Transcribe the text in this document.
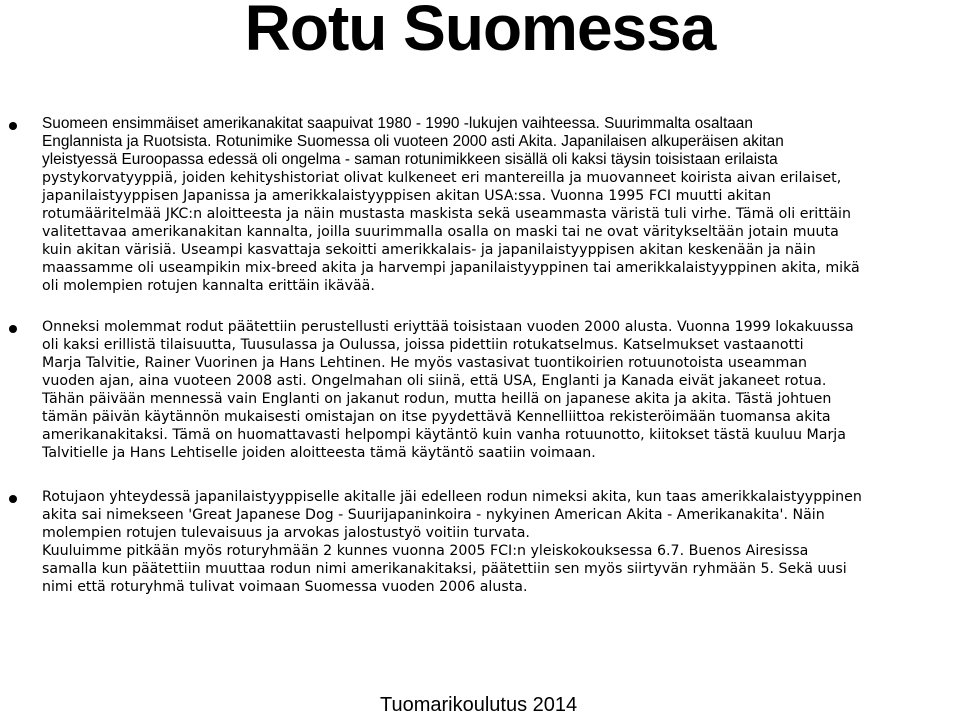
Rotu Suomessa
Suomeen ensimmäiset amerikanakitat saapuivat 1980 - 1990 -lukujen vaihteessa. Suurimmalta osaltaan
Englannista ja Ruotsista. Rotunimike Suomessa oli vuoteen 2000 asti Akita. Japanilaisen alkuperäisen akitan
yleistyessä Euroopassa edessä oli ongelma - saman rotunimikkeen sisällä oli kaksi täysin toisistaan erilaista
pystykorvatyyppiä, joiden kehityshistoriat olivat kulkeneet eri mantereilla ja muovanneet koirista aivan erilaiset,
japanilaistyyppisen Japanissa ja amerikkalaistyyppisen akitan USA:ssa. Vuonna 1995 FCI muutti akitan
rotumääritelmää JKC:n aloitteesta ja näin mustasta maskista sekä useammasta väristä tuli virhe. Tämä oli erittäin
valitettavaa amerikanakitan kannalta, joilla suurimmalla osalla on maski tai ne ovat väritykseltään jotain muuta
kuin akitan värisiä. Useampi kasvattaja sekoitti amerikkalais- ja japanilaistyyppisen akitan keskenään ja näin
maassamme oli useampikin mix-breed akita ja harvempi japanilaistyyppinen tai amerikkalaistyyppinen akita, mikä
oli molempien rotujen kannalta erittäin ikävää.
Onneksi molemmat rodut päätettiin perustellusti eriyttää toisistaan vuoden 2000 alusta. Vuonna 1999 lokakuussa
oli kaksi erillistä tilaisuutta, Tuusulassa ja Oulussa, joissa pidettiin rotukatselmus. Katselmukset vastaanotti
Marja Talvitie, Rainer Vuorinen ja Hans Lehtinen. He myös vastasivat tuontikoirien rotuunotoista useamman
vuoden ajan, aina vuoteen 2008 asti. Ongelmahan oli siinä, että USA, Englanti ja Kanada eivät jakaneet rotua.
Tähän päivään mennessä vain Englanti on jakanut rodun, mutta heillä on japanese akita ja akita. Tästä johtuen
tämän päivän käytännön mukaisesti omistajan on itse pyydettävä Kennelliittoa rekisteröimään tuomansa akita
amerikanakitaksi. Tämä on huomattavasti helpompi käytäntö kuin vanha rotuunotto, kiitokset tästä kuuluu Marja
Talvitielle ja Hans Lehtiselle joiden aloitteesta tämä käytäntö saatiin voimaan.
Rotujaon yhteydessä japanilaistyyppiselle akitalle jäi edelleen rodun nimeksi akita, kun taas amerikkalaistyyppinen
akita sai nimekseen 'Great Japanese Dog - Suurijapaninkoira - nykyinen American Akita - Amerikanakita'. Näin
molempien rotujen tulevaisuus ja arvokas jalostustyö voitiin turvata.
Kuuluimme pitkään myös roturyhmään 2 kunnes vuonna 2005 FCI:n yleiskokouksessa 6.7. Buenos Airesissa
samalla kun päätettiin muuttaa rodun nimi amerikanakitaksi, päätettiin sen myös siirtyvän ryhmään 5. Sekä uusi
nimi että roturyhmä tulivat voimaan Suomessa vuoden 2006 alusta.
Tuomarikoulutus 2014
